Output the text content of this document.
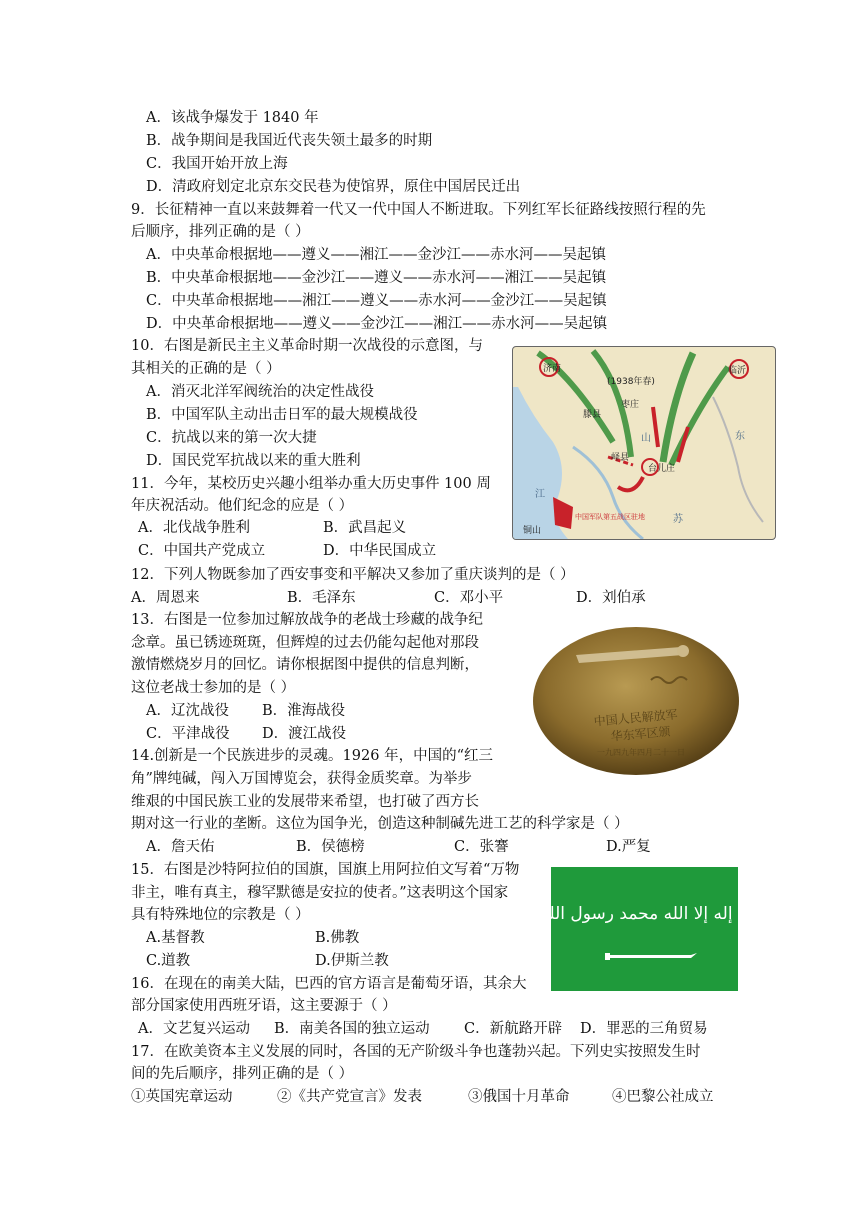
A．该战争爆发于 1840 年
B．战争期间是我国近代丧失领土最多的时期
C．我国开始开放上海
D．清政府划定北京东交民巷为使馆界，原住中国居民迁出
9．长征精神一直以来鼓舞着一代又一代中国人不断进取。下列红军长征路线按照行程的先
后顺序，排列正确的是（ ）
A．中央革命根据地——遵义——湘江——金沙江——赤水河——吴起镇
B．中央革命根据地——金沙江——遵义——赤水河——湘江——吴起镇
C．中央革命根据地——湘江——遵义——赤水河——金沙江——吴起镇
D．中央革命根据地——遵义——金沙江——湘江——赤水河——吴起镇
10．右图是新民主主义革命时期一次战役的示意图，与
其相关的正确的是（ ）
A．消灭北洋军阀统治的决定性战役
B．中国军队主动出击日军的最大规模战役
C．抗战以来的第一次大捷
D．国民党军抗战以来的重大胜利
(1938年春)
济南	临沂
滕县
枣庄
峄县
台儿庄
山	东
江
苏
铜山
中国军队第五战区驻地
11．今年，某校历史兴趣小组举办重大历史事件 100 周
年庆祝活动。他们纪念的应是（ ）
A．北伐战争胜利	B．武昌起义
C．中国共产党成立	D．中华民国成立
12．下列人物既参加了西安事变和平解决又参加了重庆谈判的是（ ）
A．周恩来	B．毛泽东	C．邓小平	D．刘伯承
13．右图是一位参加过解放战争的老战士珍藏的战争纪
念章。虽已锈迹斑斑，但辉煌的过去仍能勾起他对那段
激情燃烧岁月的回忆。请你根据图中提供的信息判断，
这位老战士参加的是（ ）
A．辽沈战役 B．淮海战役
C．平津战役 D．渡江战役
中国人民解放军
华东军区颁
一九四九年四月二十一日
14.创新是一个民族进步的灵魂。1926 年，中国的“红三
角”牌纯碱，闯入万国博览会，获得金质奖章。为举步
维艰的中国民族工业的发展带来希望，也打破了西方长
期对这一行业的垄断。这位为国争光，创造这种制碱先进工艺的科学家是（ ）
A．詹天佑	B．侯德榜	C．张謇	D.严复
15．右图是沙特阿拉伯的国旗，国旗上用阿拉伯文写着“万物
非主，唯有真主，穆罕默德是安拉的使者。”这表明这个国家
具有特殊地位的宗教是（ ）
A.基督教	B.佛教
C.道教	D.伊斯兰教
لا إله إلا الله محمد رسول الله
16．在现在的南美大陆，巴西的官方语言是葡萄牙语，其余大
部分国家使用西班牙语，这主要源于（ ）
A．文艺复兴运动 B．南美各国的独立运动 C．新航路开辟 D．罪恶的三角贸易
17．在欧美资本主义发展的同时，各国的无产阶级斗争也蓬勃兴起。下列史实按照发生时
间的先后顺序，排列正确的是（ ）
①英国宪章运动	②《共产党宣言》发表	③俄国十月革命	④巴黎公社成立
